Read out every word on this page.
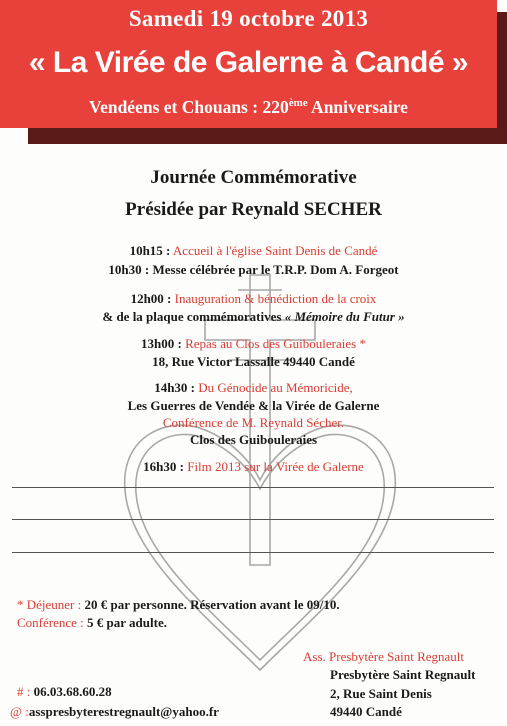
Samedi 19 octobre 2013
« La Virée de Galerne à Candé »
Vendéens et Chouans : 220ème Anniversaire
Journée Commémorative
Présidée par Reynald SECHER
10h15 : Accueil à l'église Saint Denis de Candé
10h30 : Messe célébrée par le T.R.P. Dom A. Forgeot
12h00 : Inauguration & bénédiction de la croix
& de la plaque commémoratives « Mémoire du Futur »
13h00 : Repas au Clos des Guibouleraies *
18, Rue Victor Lassalle 49440 Candé
14h30 : Du Génocide au Mémoricide,
Les Guerres de Vendée & la Virée de Galerne
Conférence de M. Reynald Sécher.
Clos des Guibouleraies
16h30 : Film 2013 sur la Virée de Galerne
* Déjeuner : 20 € par personne. Réservation avant le 09/10.
Conférence : 5 € par adulte.
Ass. Presbytère Saint Regnault
Presbytère Saint Regnault
2, Rue Saint Denis
49440 Candé
# : 06.03.68.60.28
@ :asspresbyterestregnault@yahoo.fr
